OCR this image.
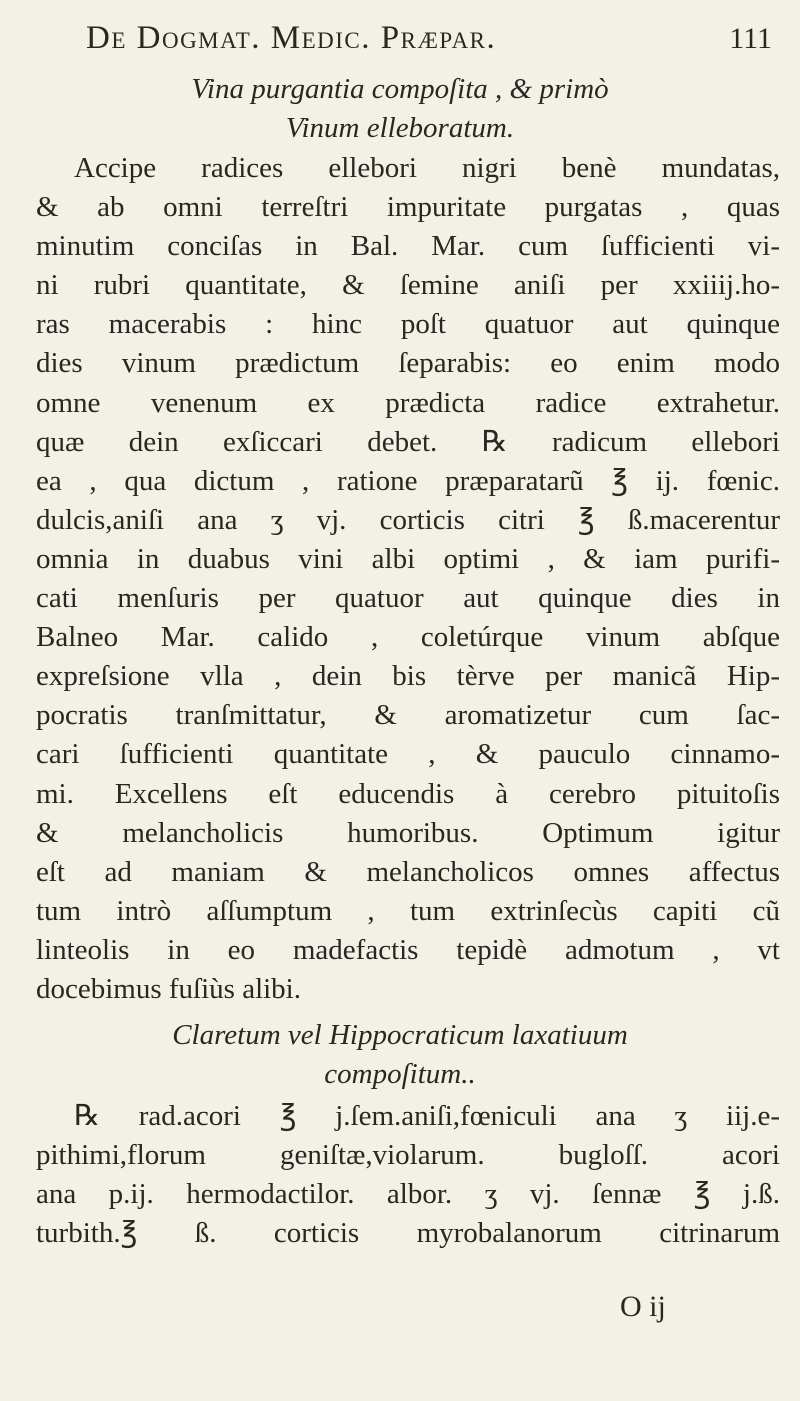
De Dogmat. Medic. Præpar.	111
Vina purgantia compoſita , & primò
Vinum elleboratum.
Accipe radices ellebori nigri benè mundatas,
& ab omni terreſtri impuritate purgatas , quas
minutim conciſas in Bal. Mar. cum ſufficienti vi-
ni rubri quantitate, & ſemine aniſi per xxiiij.ho-
ras macerabis : hinc poſt quatuor aut quinque
dies vinum prædictum ſeparabis: eo enim modo
omne venenum ex prædicta radice extrahetur.
quæ dein exſiccari debet. ℞ radicum ellebori
ea , qua dictum , ratione præparatarũ ℥ ij. fœnic.
dulcis,aniſi ana ʒ vj. corticis citri ℥ ß.macerentur
omnia in duabus vini albi optimi , & iam purifi-
cati menſuris per quatuor aut quinque dies in
Balneo Mar. calido , coletúrque vinum abſque
expreſsione vlla , dein bis tèrve per manicã Hip-
pocratis tranſmittatur, & aromatizetur cum ſac-
cari ſufficienti quantitate , & pauculo cinnamo-
mi. Excellens eſt educendis à cerebro pituitoſis
& melancholicis humoribus. Optimum igitur
eſt ad maniam & melancholicos omnes affectus
tum intrò aſſumptum , tum extrinſecùs capiti cũ
linteolis in eo madefactis tepidè admotum , vt
docebimus fuſiùs alibi.
Claretum vel Hippocraticum laxatiuum
compoſitum..
℞ rad.acori ℥ j.ſem.aniſi,fœniculi ana ʒ iij.e-
pithimi,florum geniſtæ,violarum. bugloſſ. acori
ana p.ij. hermodactilor. albor. ʒ vj. ſennæ ℥ j.ß.
turbith.℥ ß. corticis myrobalanorum citrinarum
O ij
